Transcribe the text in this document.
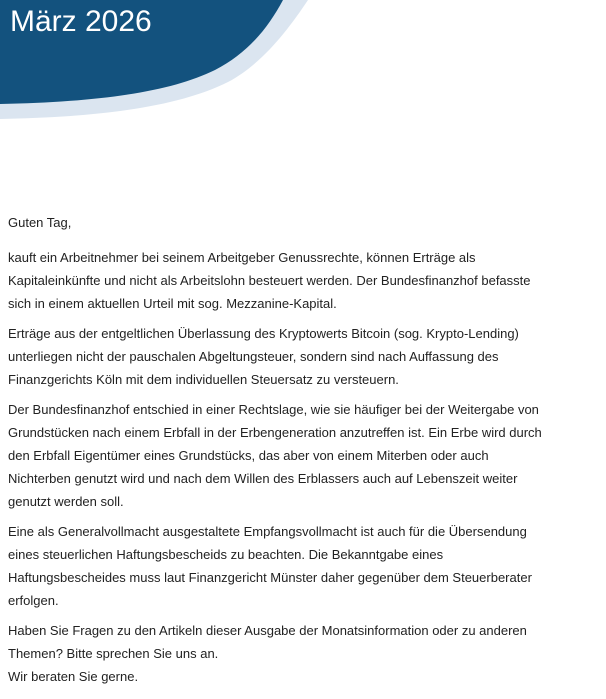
März 2026

Guten Tag,

kauft ein Arbeitnehmer bei seinem Arbeitgeber Genussrechte, können Erträge als
Kapitaleinkünfte und nicht als Arbeitslohn besteuert werden. Der Bundesfinanzhof befasste
sich in einem aktuellen Urteil mit sog. Mezzanine-Kapital.

Erträge aus der entgeltlichen Überlassung des Kryptowerts Bitcoin (sog. Krypto-Lending)
unterliegen nicht der pauschalen Abgeltungsteuer, sondern sind nach Auffassung des
Finanzgerichts Köln mit dem individuellen Steuersatz zu versteuern.

Der Bundesfinanzhof entschied in einer Rechtslage, wie sie häufiger bei der Weitergabe von
Grundstücken nach einem Erbfall in der Erbengeneration anzutreffen ist. Ein Erbe wird durch
den Erbfall Eigentümer eines Grundstücks, das aber von einem Miterben oder auch
Nichterben genutzt wird und nach dem Willen des Erblassers auch auf Lebenszeit weiter
genutzt werden soll.

Eine als Generalvollmacht ausgestaltete Empfangsvollmacht ist auch für die Übersendung
eines steuerlichen Haftungsbescheids zu beachten. Die Bekanntgabe eines
Haftungsbescheides muss laut Finanzgericht Münster daher gegenüber dem Steuerberater
erfolgen.

Haben Sie Fragen zu den Artikeln dieser Ausgabe der Monatsinformation oder zu anderen
Themen? Bitte sprechen Sie uns an.
Wir beraten Sie gerne.
